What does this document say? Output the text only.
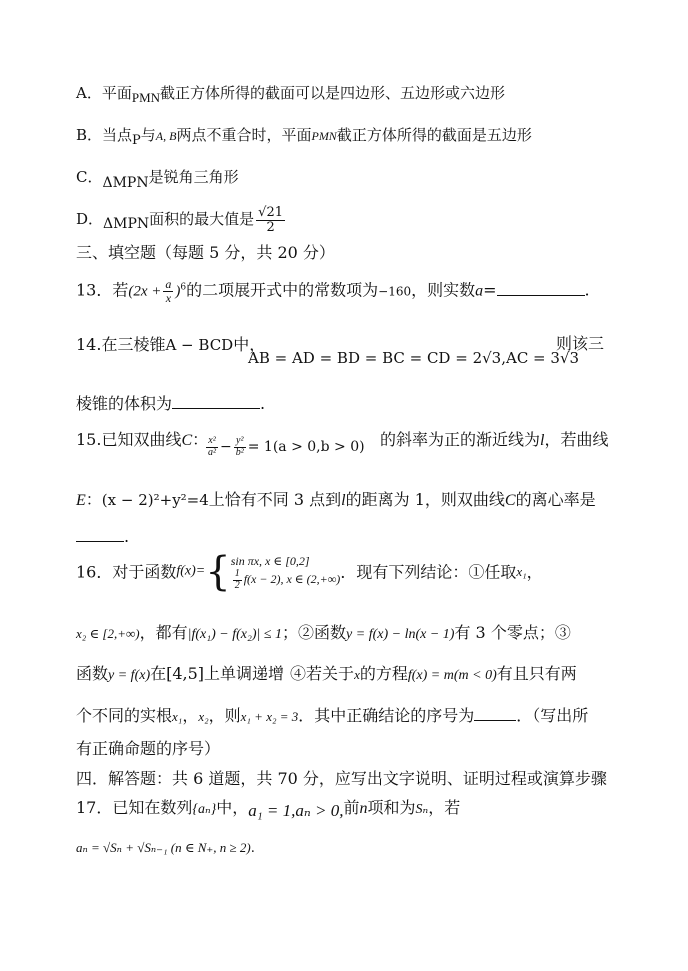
A．平面PMN截正方体所得的截面可以是四边形、五边形或六边形
B．当点P与A, B两点不重合时，平面PMN截正方体所得的截面是五边形
C．ΔMPN是锐角三角形
D．ΔMPN面积的最大值是 $\frac{√21}{2}$
三、填空题（每题 5 分，共 20 分）
13．若$(2x + \frac{a}{x} )^6$的二项展开式中的常数项为−160，则实数a=	.
14.在三棱锥A − BCD中，
AB = AD = BD = BC = CD = 2√3,AC = 3√3
则该三
棱锥的体积为	.
15.已知双曲线C：
$\frac{\text{x²}}{\text{a²}} - \frac{\text{y²}}{\text{b²}} = 1(a > 0,b > 0)$ 的斜率为正的渐近线为l，若曲线
E：(x − 2)²+y²=4上恰有不同 3 点到l的距离为 1，则双曲线C的离心率是
.
16．对于函数f(x)={ sin πx, x ∈ [0,2]
$\frac{1}{2} f(x - 2)$, x ∈ (2,+∞) ．现有下列结论：①任取x₁，
x₂ ∈ [2,+∞)，都有|f(x₁) − f(x₂)| ≤ 1；②函数y = f(x) − ln(x − 1)有 3 个零点；③
函数y = f(x)在[4,5]上单调递增 ④若关于x的方程f(x) = m(m < 0)有且只有两
个不同的实根x₁，x₂，则x₁ + x₂ = 3．其中正确结论的序号为	．（写出所
有正确命题的序号）
四．解答题：共 6 道题，共 70 分，应写出文字说明、证明过程或演算步骤
17．已知在数列{aₙ}中，a₁ = 1,aₙ > 0,前n项和为Sₙ，若
aₙ = √Sₙ + √Sₙ₋₁ (n ∈ N₊, n ≥ 2).
